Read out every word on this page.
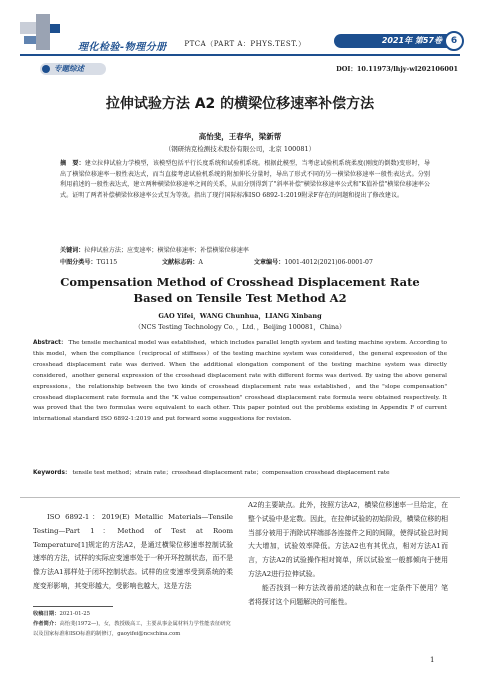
理化检验-物理分册	PTCA（PART A：PHYS.TEST.）	2021年 第57卷 6
专题综述	DOI：10.11973/lhjy-wl202106001
拉伸试验方法 A2 的横梁位移速率补偿方法
高怡斐，王春华，梁新帮
（钢研纳克检测技术股份有限公司，北京 100081）
摘　要：建立拉伸试验力学模型，该模型包括平行长度系统和试验机系统。根据此模型，当考虑试验机系统柔度(刚度的倒数)变形时，导出了横梁位移速率一般性表达式，而当直接考虑试验机系统的附加伸长分量时，导出了形式不同的另一横梁位移速率一般性表达式。分别利用前述的一般性表达式，建立两种横梁位移速率之间的关系，从而分别得到了"斜率补偿"横梁位移速率公式和"K值补偿"横梁位移速率公式。证明了两者补偿横梁位移速率公式互为等效。指出了现行国际标准ISO 6892-1:2019附录F存在的问题和提出了修改建议。
关键词：拉伸试验方法；应变速率；横梁位移速率；补偿横梁位移速率
中图分类号：TG115	文献标志码：A	文章编号：1001-4012(2021)06-0001-07
Compensation Method of Crosshead Displacement Rate Based on Tensile Test Method A2
GAO Yifei，WANG Chunhua，LIANG Xinbang
（NCS Testing Technology Co．，Ltd．，Beijing 100081，China）
Abstract： The tensile mechanical model was established，which includes parallel length system and testing machine system. According to this model，when the compliance（reciprocal of stiffness）of the testing machine system was considered，the general expression of the crosshead displacement rate was derived. When the additional elongation component of the testing machine system was directly considered，another general expression of the crosshead displacement rate with different forms was derived. By using the above general expressions，the relationship between the two kinds of crosshead displacement rate was established，and the "slope compensation" crosshead displacement rate formula and the "K value compensation" crosshead displacement rate formula were obtained respectively. It was proved that the two formulas were equivalent to each other. This paper pointed out the problems existing in Appendix F of current international standard ISO 6892-1:2019 and put forward some suggestions for revision.
Keywords： tensile test method；strain rate；crosshead displacement rate；compensation crosshead displacement rate

ISO 6892-1：2019(E) Metallic Materials—Tensile Testing—Part 1：Method of Test at Room Temperature[1]规定的方法A2，是通过横梁位移速率控制试验速率的方法，试样的实际应变速率处于一种开环控制状态，而不是像方法A1那样处于闭环控制状态。试样的应变速率受到系统的柔度变形影响，其变形越大，受影响也越大，这是方法

A2的主要缺点。此外，按照方法A2，横梁位移速率一旦给定，在整个试验中是定数。因此，在拉伸试验的初始阶段，横梁位移的相当部分被用于消除试样端部各连接件之间的间隙，使得试验总时间大大增加，试验效率降低。方法A2也有其优点，相对方法A1而言，方法A2的试验操作相对简单，所以试验室一般都倾向于使用方法A2进行拉伸试验。

能否找到一种方法改善前述的缺点和在一定条件下使用？笔者将探讨这个问题解决的可能性。

收稿日期：2021-01-25
作者简介：高怡斐(1972—)，女，教授级高工，主要从事金属材料力学性能表征研究以及国家标准和ISO标准的制修订，gaoyifei@ncschina.com
1
